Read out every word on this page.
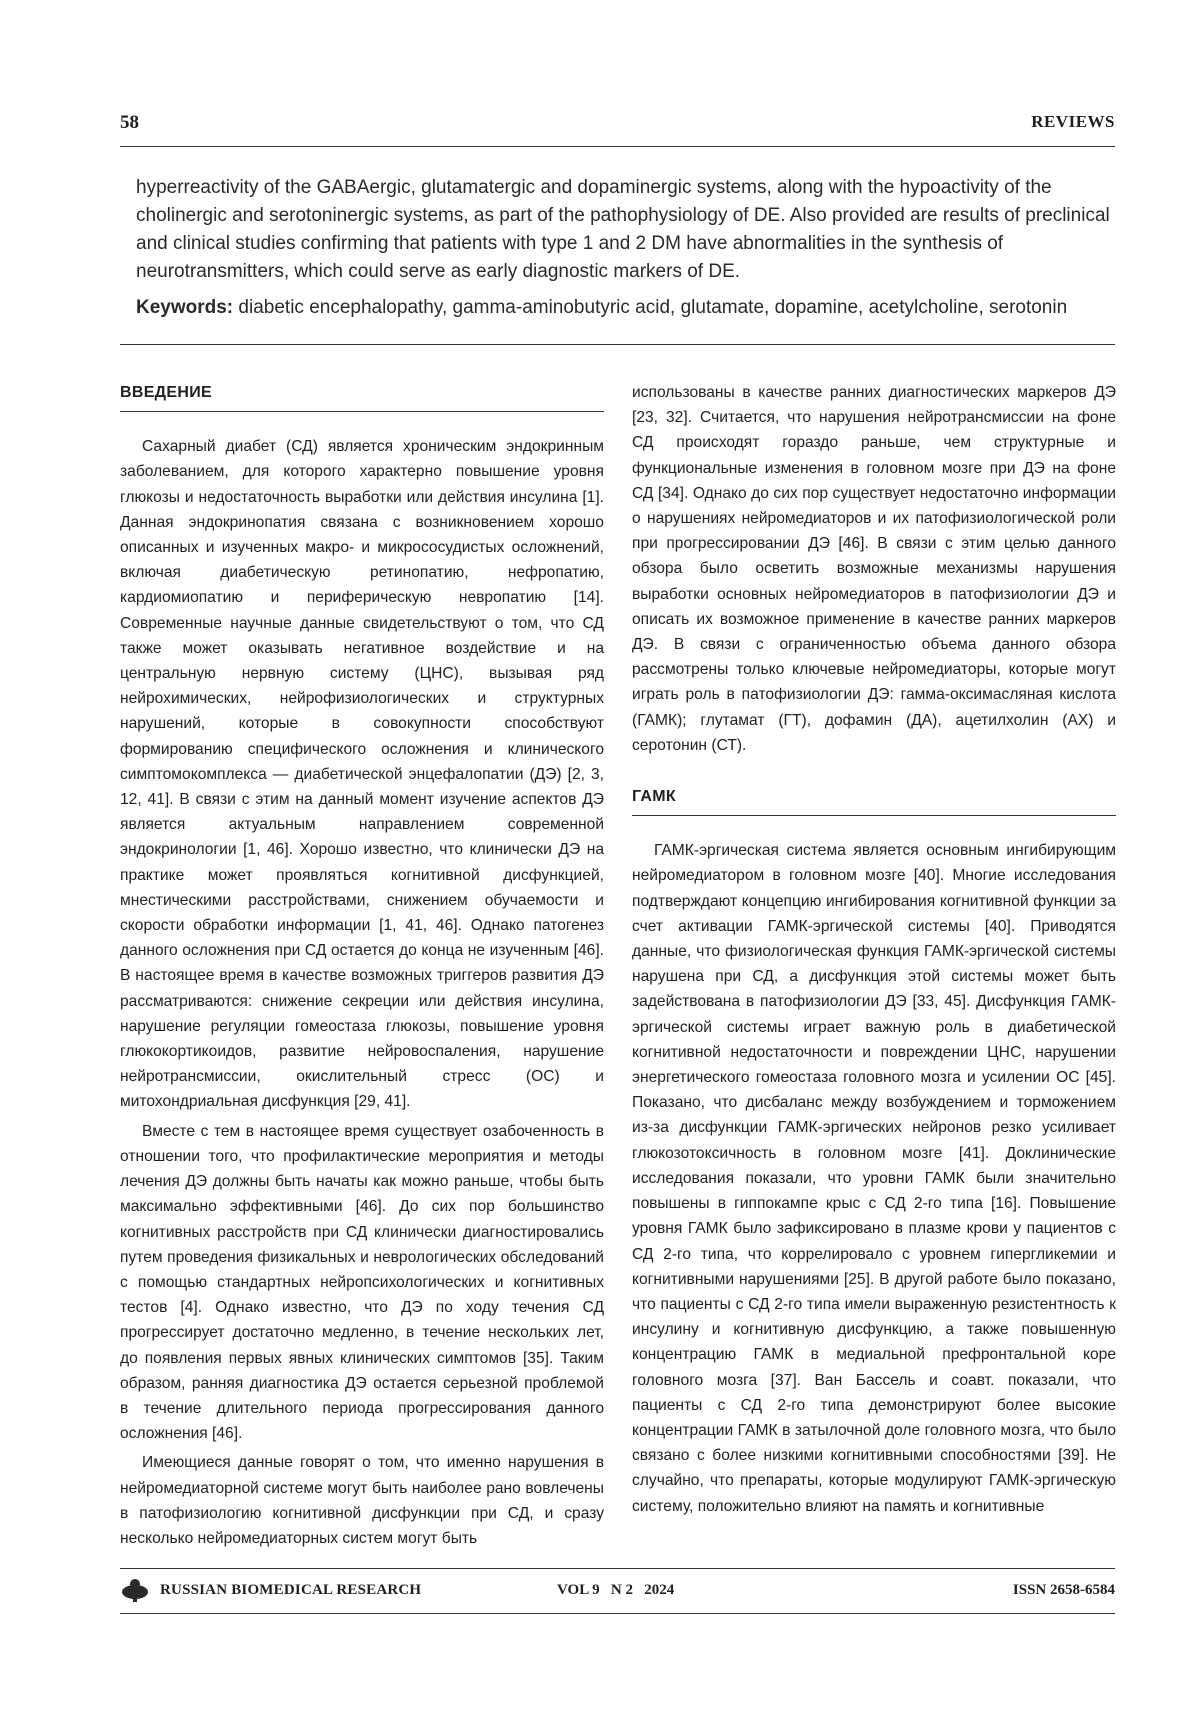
58	REVIEWS

hyperreactivity of the GABAergic, glutamatergic and dopaminergic systems, along with the hypoactivity of the cholinergic and serotoninergic systems, as part of the pathophysiology of DE. Also provided are results of preclinical and clinical studies confirming that patients with type 1 and 2 DM have abnormalities in the synthesis of neurotransmitters, which could serve as early diagnostic markers of DE.

Keywords: diabetic encephalopathy, gamma-aminobutyric acid, glutamate, dopamine, acetylcholine, serotonin
ВВЕДЕНИЕ

Сахарный диабет (СД) является хроническим эндокринным заболеванием, для которого характерно повышение уровня глюкозы и недостаточность выработки или действия инсулина [1]. Данная эндокринопатия связана с возникновением хорошо описанных и изученных макро- и микрососудистых осложнений, включая диабетическую ретинопатию, нефропатию, кардиомиопатию и периферическую невропатию [14]. Современные научные данные свидетельствуют о том, что СД также может оказывать негативное воздействие и на центральную нервную систему (ЦНС), вызывая ряд нейрохимических, нейрофизиологических и структурных нарушений, которые в совокупности способствуют формированию специфического осложнения и клинического симптомокомплекса — диабетической энцефалопатии (ДЭ) [2, 3, 12, 41]. В связи с этим на данный момент изучение аспектов ДЭ является актуальным направлением современной эндокринологии [1, 46]. Хорошо известно, что клинически ДЭ на практике может проявляться когнитивной дисфункцией, мнестическими расстройствами, снижением обучаемости и скорости обработки информации [1, 41, 46]. Однако патогенез данного осложнения при СД остается до конца не изученным [46]. В настоящее время в качестве возможных триггеров развития ДЭ рассматриваются: снижение секреции или действия инсулина, нарушение регуляции гомеостаза глюкозы, повышение уровня глюкокортикоидов, развитие нейровоспаления, нарушение нейротрансмиссии, окислительный стресс (ОС) и митохондриальная дисфункция [29, 41].

Вместе с тем в настоящее время существует озабоченность в отношении того, что профилактические мероприятия и методы лечения ДЭ должны быть начаты как можно раньше, чтобы быть максимально эффективными [46]. До сих пор большинство когнитивных расстройств при СД клинически диагностировались путем проведения физикальных и неврологических обследований с помощью стандартных нейропсихологических и когнитивных тестов [4]. Однако известно, что ДЭ по ходу течения СД прогрессирует достаточно медленно, в течение нескольких лет, до появления первых явных клинических симптомов [35]. Таким образом, ранняя диагностика ДЭ остается серьезной проблемой в течение длительного периода прогрессирования данного осложнения [46].

Имеющиеся данные говорят о том, что именно нарушения в нейромедиаторной системе могут быть наиболее рано вовлечены в патофизиологию когнитивной дисфункции при СД, и сразу несколько нейромедиаторных систем могут быть

использованы в качестве ранних диагностических маркеров ДЭ [23, 32]. Считается, что нарушения нейротрансмиссии на фоне СД происходят гораздо раньше, чем структурные и функциональные изменения в головном мозге при ДЭ на фоне СД [34]. Однако до сих пор существует недостаточно информации о нарушениях нейромедиаторов и их патофизиологической роли при прогрессировании ДЭ [46]. В связи с этим целью данного обзора было осветить возможные механизмы нарушения выработки основных нейромедиаторов в патофизиологии ДЭ и описать их возможное применение в качестве ранних маркеров ДЭ. В связи с ограниченностью объема данного обзора рассмотрены только ключевые нейромедиаторы, которые могут играть роль в патофизиологии ДЭ: гамма-оксимасляная кислота (ГАМК); глутамат (ГТ), дофамин (ДА), ацетилхолин (АХ) и серотонин (СТ).

ГАМК

ГАМК-эргическая система является основным ингибирующим нейромедиатором в головном мозге [40]. Многие исследования подтверждают концепцию ингибирования когнитивной функции за счет активации ГАМК-эргической системы [40]. Приводятся данные, что физиологическая функция ГАМК-эргической системы нарушена при СД, а дисфункция этой системы может быть задействована в патофизиологии ДЭ [33, 45]. Дисфункция ГАМК-эргической системы играет важную роль в диабетической когнитивной недостаточности и повреждении ЦНС, нарушении энергетического гомеостаза головного мозга и усилении ОС [45]. Показано, что дисбаланс между возбуждением и торможением из-за дисфункции ГАМК-эргических нейронов резко усиливает глюкозотоксичность в головном мозге [41]. Доклинические исследования показали, что уровни ГАМК были значительно повышены в гиппокампе крыс с СД 2-го типа [16]. Повышение уровня ГАМК было зафиксировано в плазме крови у пациентов с СД 2-го типа, что коррелировало с уровнем гипергликемии и когнитивными нарушениями [25]. В другой работе было показано, что пациенты с СД 2-го типа имели выраженную резистентность к инсулину и когнитивную дисфункцию, а также повышенную концентрацию ГАМК в медиальной префронтальной коре головного мозга [37]. Ван Бассель и соавт. показали, что пациенты с СД 2-го типа демонстрируют более высокие концентрации ГАМК в затылочной доле головного мозга, что было связано с более низкими когнитивными способностями [39]. Не случайно, что препараты, которые модулируют ГАМК-эргическую систему, положительно влияют на память и когнитивные

RUSSIAN BIOMEDICAL RESEARCH	VOL 9   N 2   2024	ISSN 2658-6584
